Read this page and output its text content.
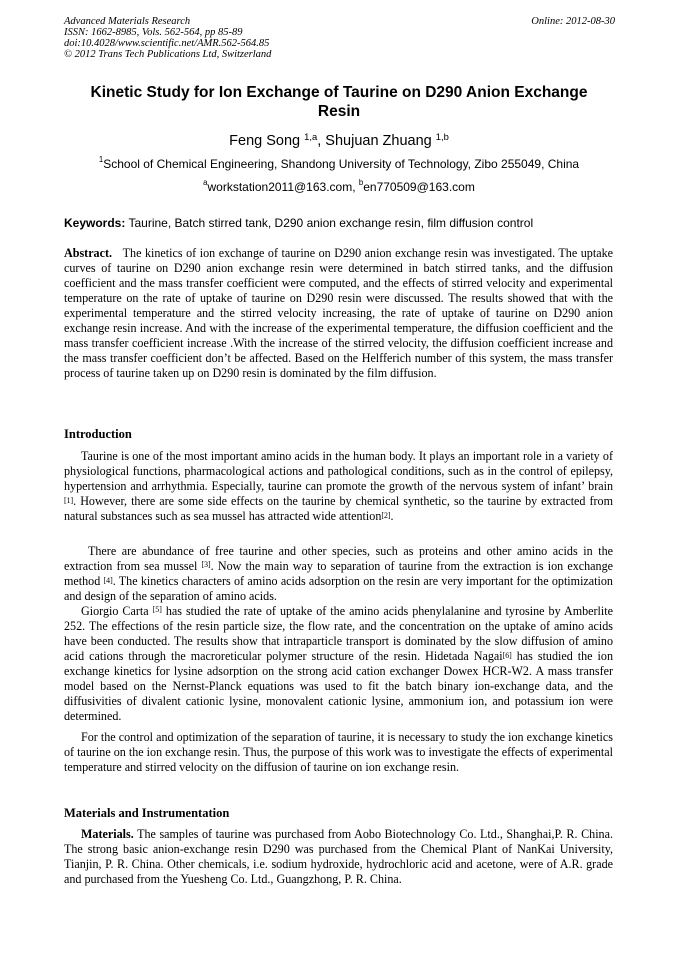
Advanced Materials Research
ISSN: 1662-8985, Vols. 562-564, pp 85-89
doi:10.4028/www.scientific.net/AMR.562-564.85
© 2012 Trans Tech Publications Ltd, Switzerland
Online: 2012-08-30
Kinetic Study for Ion Exchange of Taurine on D290 Anion Exchange
Resin
Feng Song $^{1,a}$, Shujuan Zhuang $^{1,b}$
$^1$School of Chemical Engineering, Shandong University of Technology, Zibo 255049, China
$^a$workstation2011@163.com, $^b$en770509@163.com
Keywords: Taurine, Batch stirred tank, D290 anion exchange resin, film diffusion control

Abstract. The kinetics of ion exchange of taurine on D290 anion exchange resin was investigated. The uptake curves of taurine on D290 anion exchange resin were determined in batch stirred tanks, and the diffusion coefficient and the mass transfer coefficient were computed, and the effects of stirred velocity and experimental temperature on the rate of uptake of taurine on D290 resin were discussed. The results showed that with the experimental temperature and the stirred velocity increasing, the rate of uptake of taurine on D290 anion exchange resin increase. And with the increase of the experimental temperature, the diffusion coefficient and the mass transfer coefficient increase .With the increase of the stirred velocity, the diffusion coefficient increase and the mass transfer coefficient don’t be affected. Based on the Helfferich number of this system, the mass transfer process of taurine taken up on D290 resin is dominated by the film diffusion.

Introduction

Taurine is one of the most important amino acids in the human body. It plays an important role in a variety of physiological functions, pharmacological actions and pathological conditions, such as in the control of epilepsy, hypertension and arrhythmia. Especially, taurine can promote the growth of the nervous system of infant’ brain [1]. However, there are some side effects on the taurine by chemical synthetic, so the taurine by extracted from natural substances such as sea mussel has attracted wide attention[2].

There are abundance of free taurine and other species, such as proteins and other amino acids in the extraction from sea mussel [3]. Now the main way to separation of taurine from the extraction is ion exchange method [4]. The kinetics characters of amino acids adsorption on the resin are very important for the optimization and design of the separation of amino acids.

Giorgio Carta [5] has studied the rate of uptake of the amino acids phenylalanine and tyrosine by Amberlite 252. The effections of the resin particle size, the flow rate, and the concentration on the uptake of amino acids have been conducted. The results show that intraparticle transport is dominated by the slow diffusion of amino acid cations through the macroreticular polymer structure of the resin. Hidetada Nagai[6] has studied the ion exchange kinetics for lysine adsorption on the strong acid cation exchanger Dowex HCR-W2. A mass transfer model based on the Nernst-Planck equations was used to fit the batch binary ion-exchange data, and the diffusivities of divalent cationic lysine, monovalent cationic lysine, ammonium ion, and potassium ion were determined.

For the control and optimization of the separation of taurine, it is necessary to study the ion exchange kinetics of taurine on the ion exchange resin. Thus, the purpose of this work was to investigate the effects of experimental temperature and stirred velocity on the diffusion of taurine on ion exchange resin.

Materials and Instrumentation

Materials. The samples of taurine was purchased from Aobo Biotechnology Co. Ltd., Shanghai,P. R. China. The strong basic anion-exchange resin D290 was purchased from the Chemical Plant of NanKai University, Tianjin, P. R. China. Other chemicals, i.e. sodium hydroxide, hydrochloric acid and acetone, were of A.R. grade and purchased from the Yuesheng Co. Ltd., Guangzhong, P. R. China.
